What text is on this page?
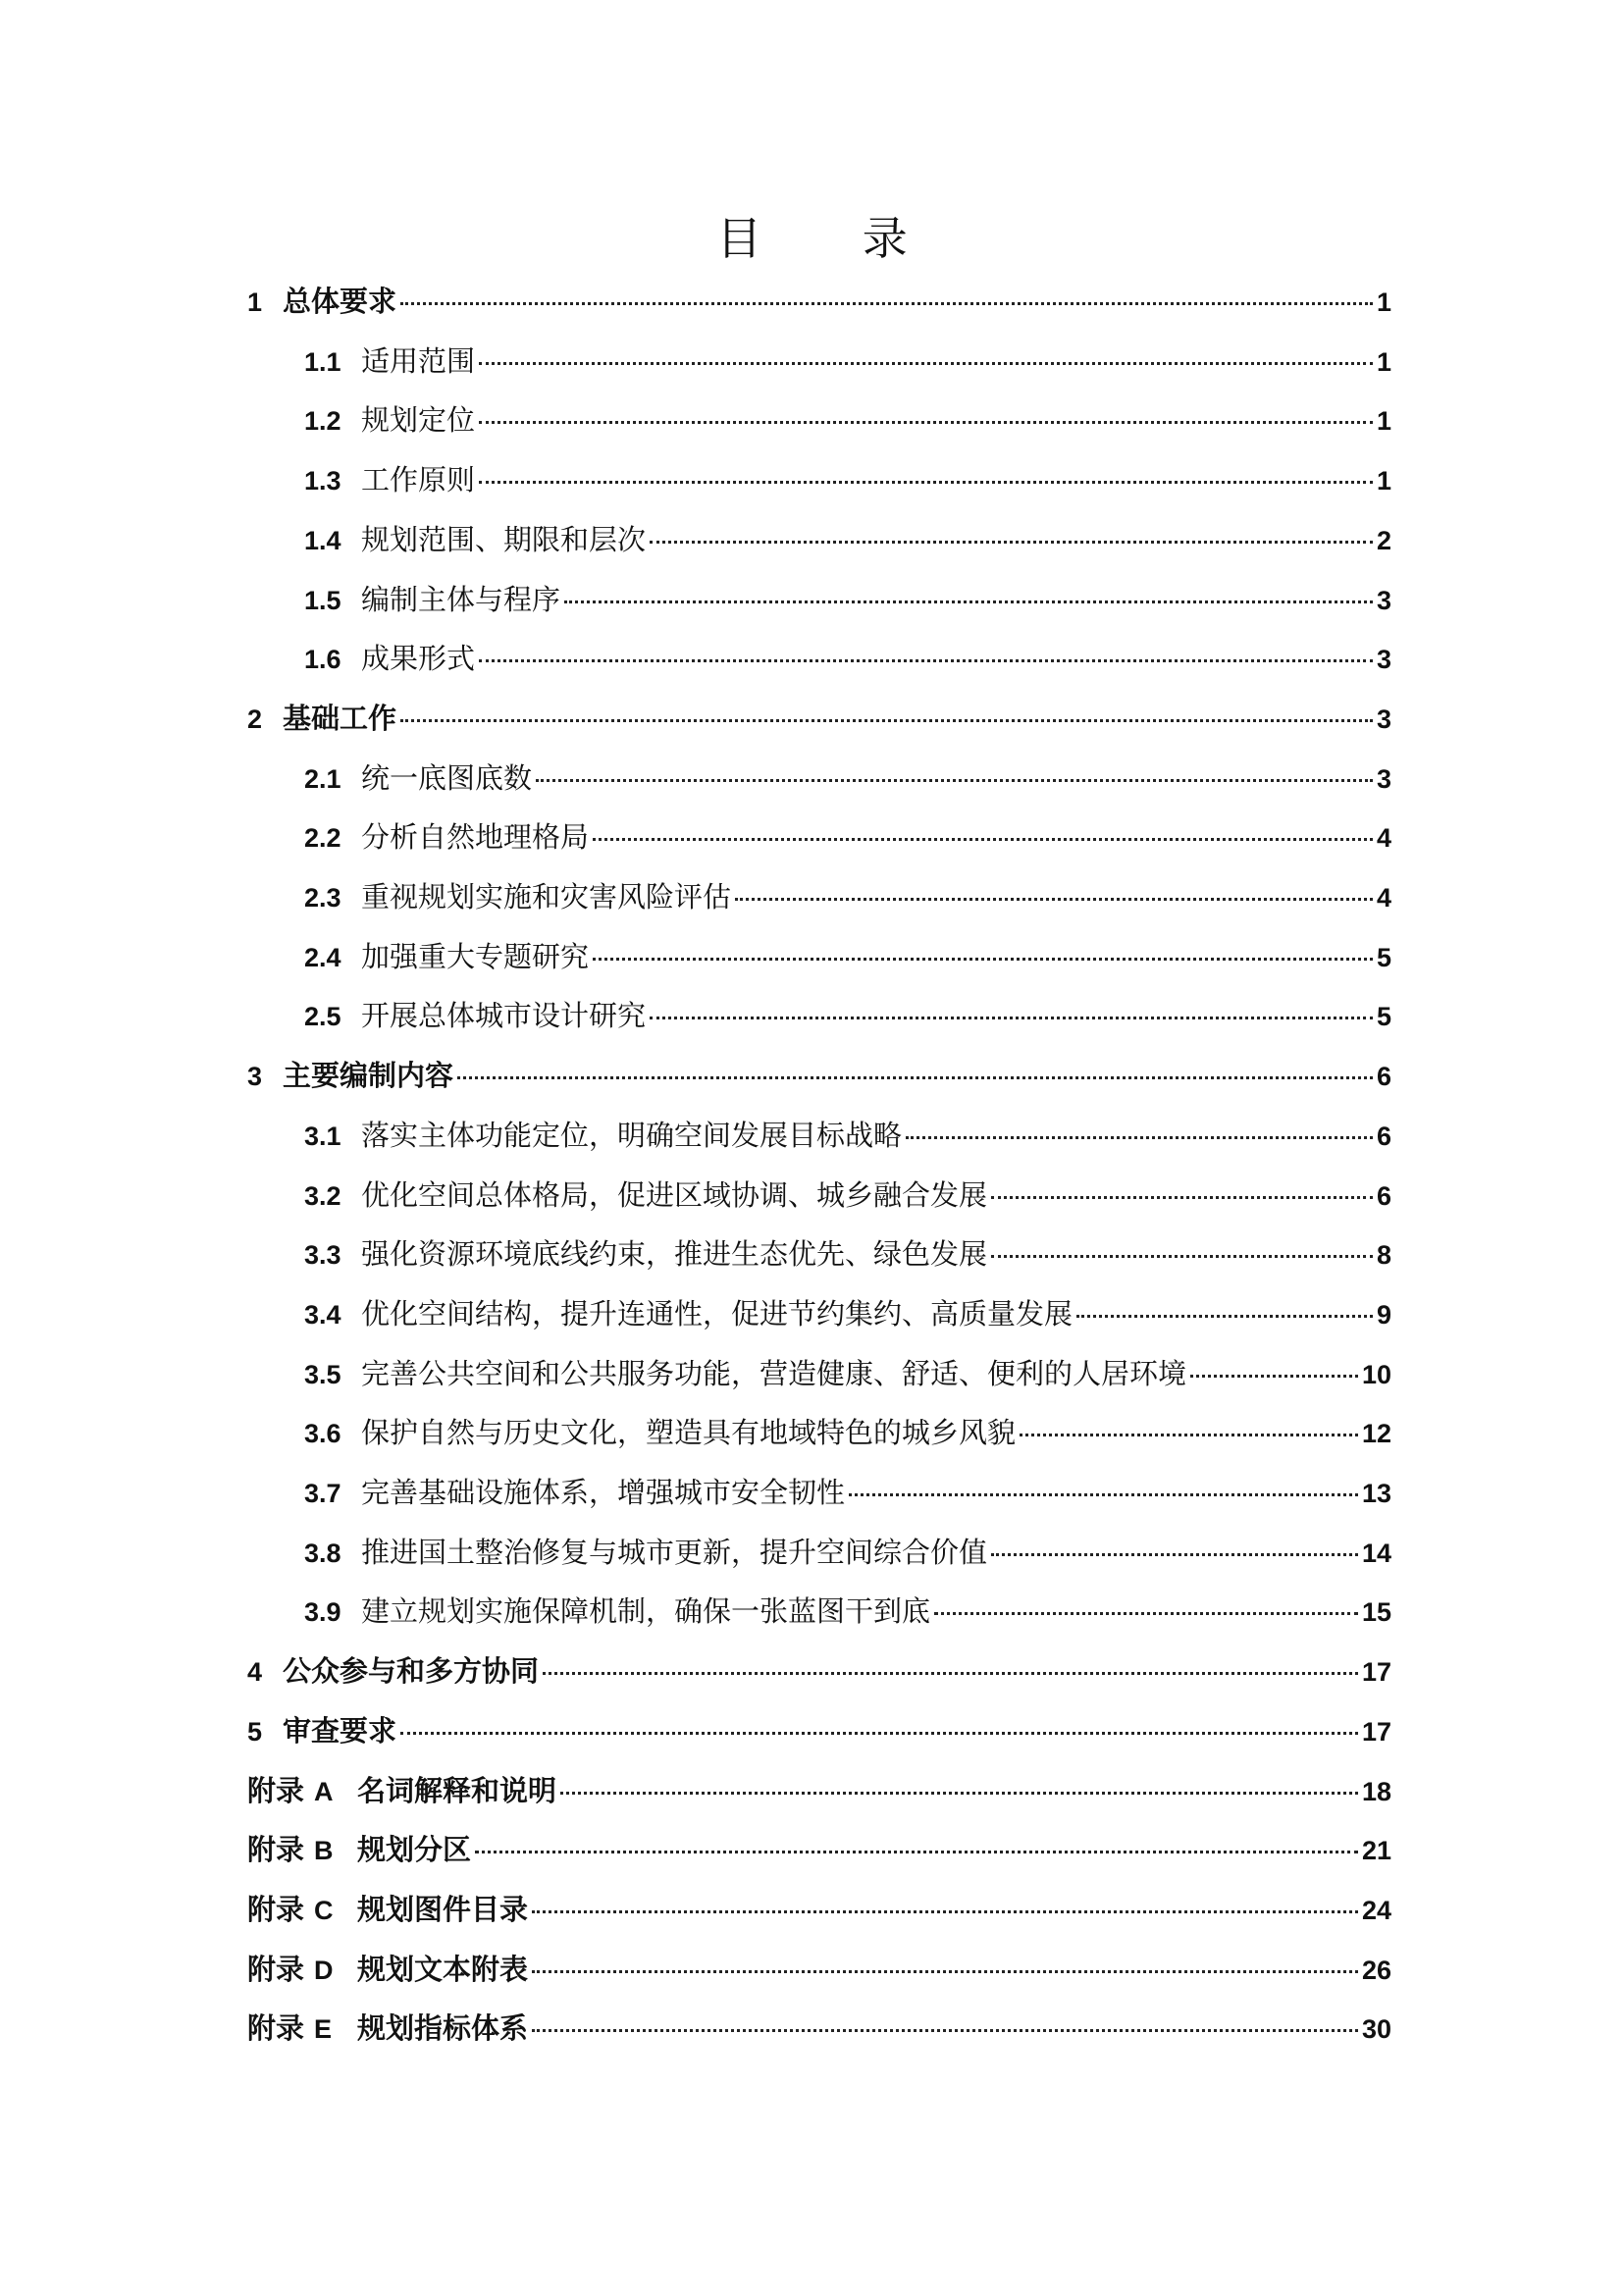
目 录
1 总体要求	1
1.1 适用范围	1
1.2 规划定位	1
1.3 工作原则	1
1.4 规划范围、期限和层次	2
1.5 编制主体与程序	3
1.6 成果形式	3
2 基础工作	3
2.1 统一底图底数	3
2.2 分析自然地理格局	4
2.3 重视规划实施和灾害风险评估	4
2.4 加强重大专题研究	5
2.5 开展总体城市设计研究	5
3 主要编制内容	6
3.1 落实主体功能定位，明确空间发展目标战略	6
3.2 优化空间总体格局，促进区域协调、城乡融合发展	6
3.3 强化资源环境底线约束，推进生态优先、绿色发展	8
3.4 优化空间结构，提升连通性，促进节约集约、高质量发展	9
3.5 完善公共空间和公共服务功能，营造健康、舒适、便利的人居环境	10
3.6 保护自然与历史文化，塑造具有地域特色的城乡风貌	12
3.7 完善基础设施体系，增强城市安全韧性	13
3.8 推进国土整治修复与城市更新，提升空间综合价值	14
3.9 建立规划实施保障机制，确保一张蓝图干到底	15
4 公众参与和多方协同	17
5 审查要求	17
附录 A 名词解释和说明	18
附录 B 规划分区	21
附录 C 规划图件目录	24
附录 D 规划文本附表	26
附录 E 规划指标体系	30
